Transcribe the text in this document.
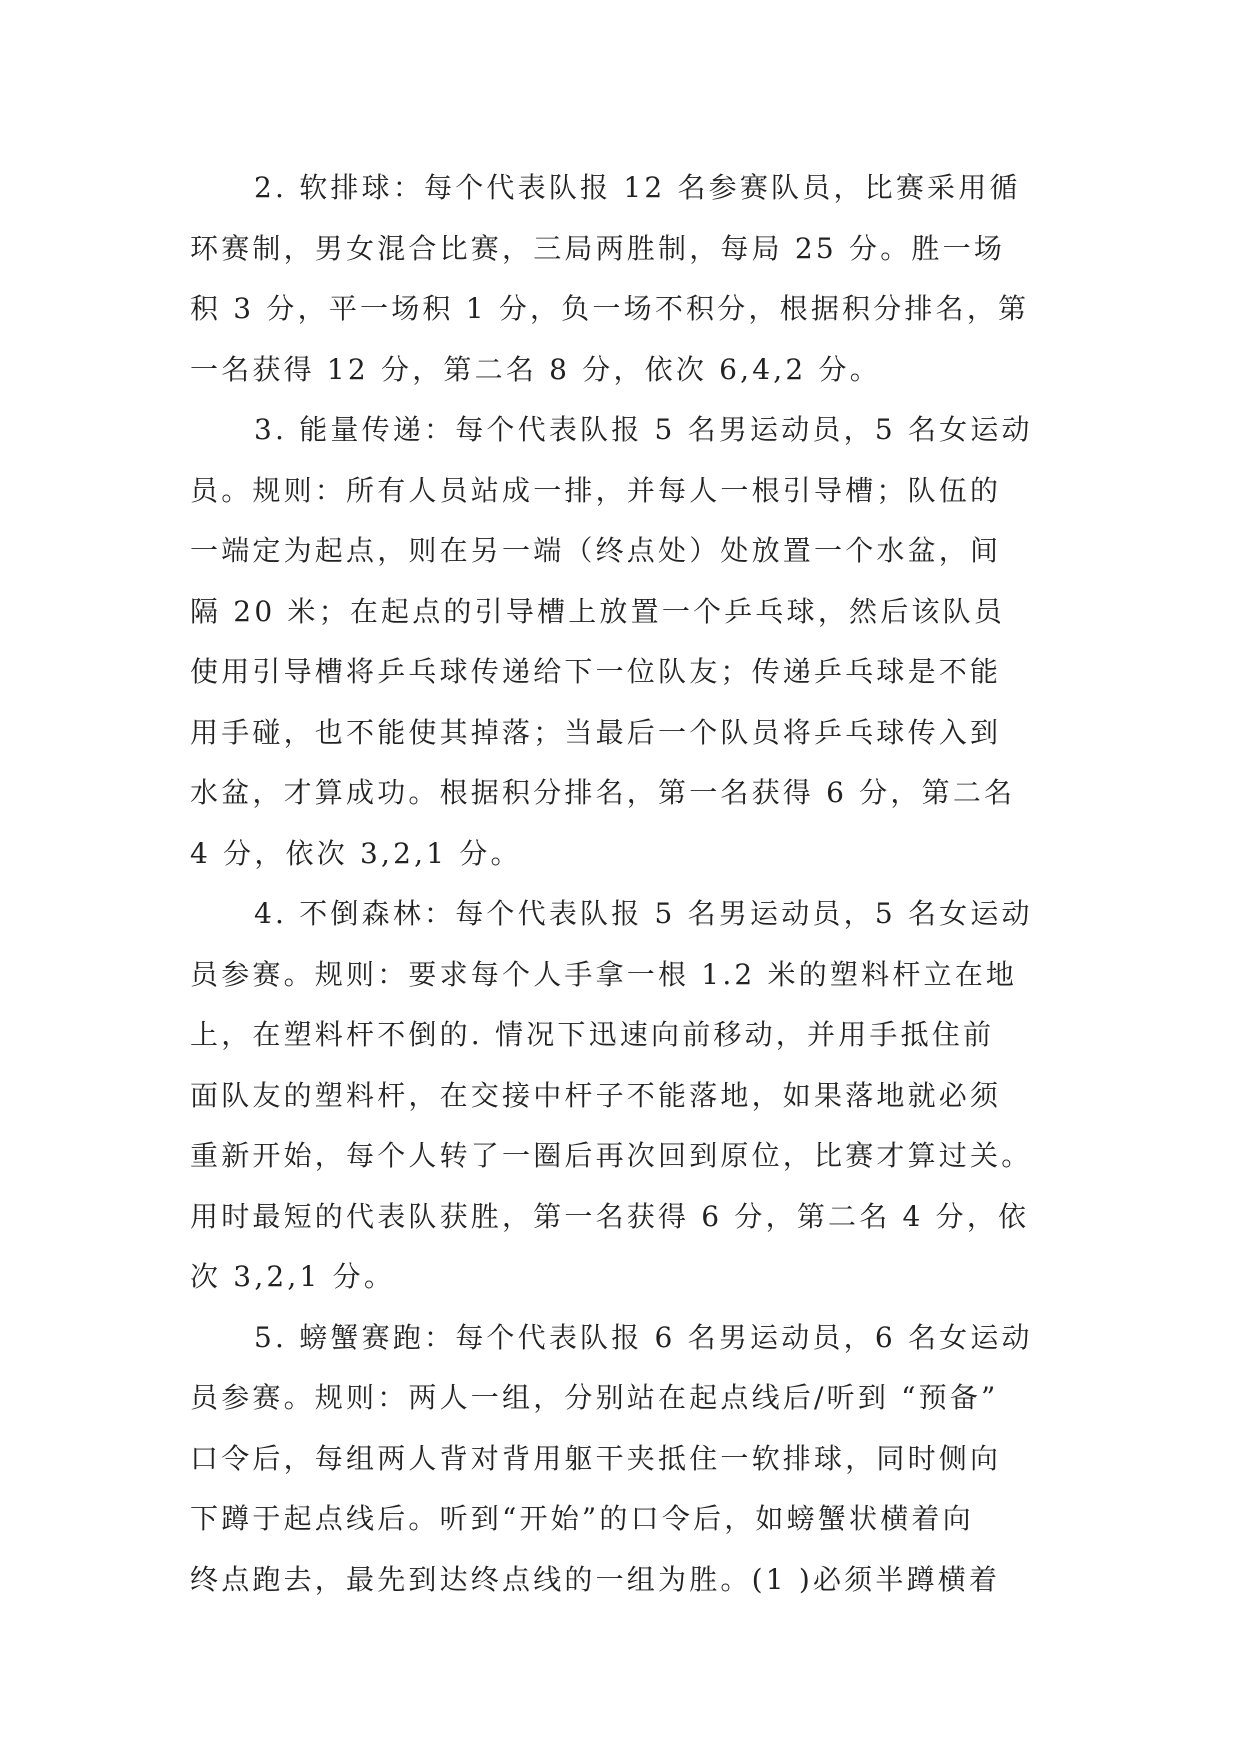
2. 软排球：每个代表队报 12 名参赛队员，比赛采用循
环赛制，男女混合比赛，三局两胜制，每局 25 分。胜一场
积 3 分，平一场积 1 分，负一场不积分，根据积分排名，第
一名获得 12 分，第二名 8 分，依次 6,4,2 分。
3. 能量传递：每个代表队报 5 名男运动员，5 名女运动
员。规则：所有人员站成一排，并每人一根引导槽；队伍的
一端定为起点，则在另一端（终点处）处放置一个水盆，间
隔 20 米；在起点的引导槽上放置一个乒乓球，然后该队员
使用引导槽将乒乓球传递给下一位队友；传递乒乓球是不能
用手碰，也不能使其掉落；当最后一个队员将乒乓球传入到
水盆，才算成功。根据积分排名，第一名获得 6 分，第二名
4 分，依次 3,2,1 分。
4. 不倒森林：每个代表队报 5 名男运动员，5 名女运动
员参赛。规则：要求每个人手拿一根 1.2 米的塑料杆立在地
上，在塑料杆不倒的. 情况下迅速向前移动，并用手抵住前
面队友的塑料杆，在交接中杆子不能落地，如果落地就必须
重新开始，每个人转了一圈后再次回到原位，比赛才算过关。
用时最短的代表队获胜，第一名获得 6 分，第二名 4 分，依
次 3,2,1 分。
5. 螃蟹赛跑：每个代表队报 6 名男运动员，6 名女运动
员参赛。规则：两人一组，分别站在起点线后/听到 “预备”
口令后，每组两人背对背用躯干夹抵住一软排球，同时侧向
下蹲于起点线后。听到“开始”的口令后，如螃蟹状横着向
终点跑去，最先到达终点线的一组为胜。(1 )必须半蹲横着
